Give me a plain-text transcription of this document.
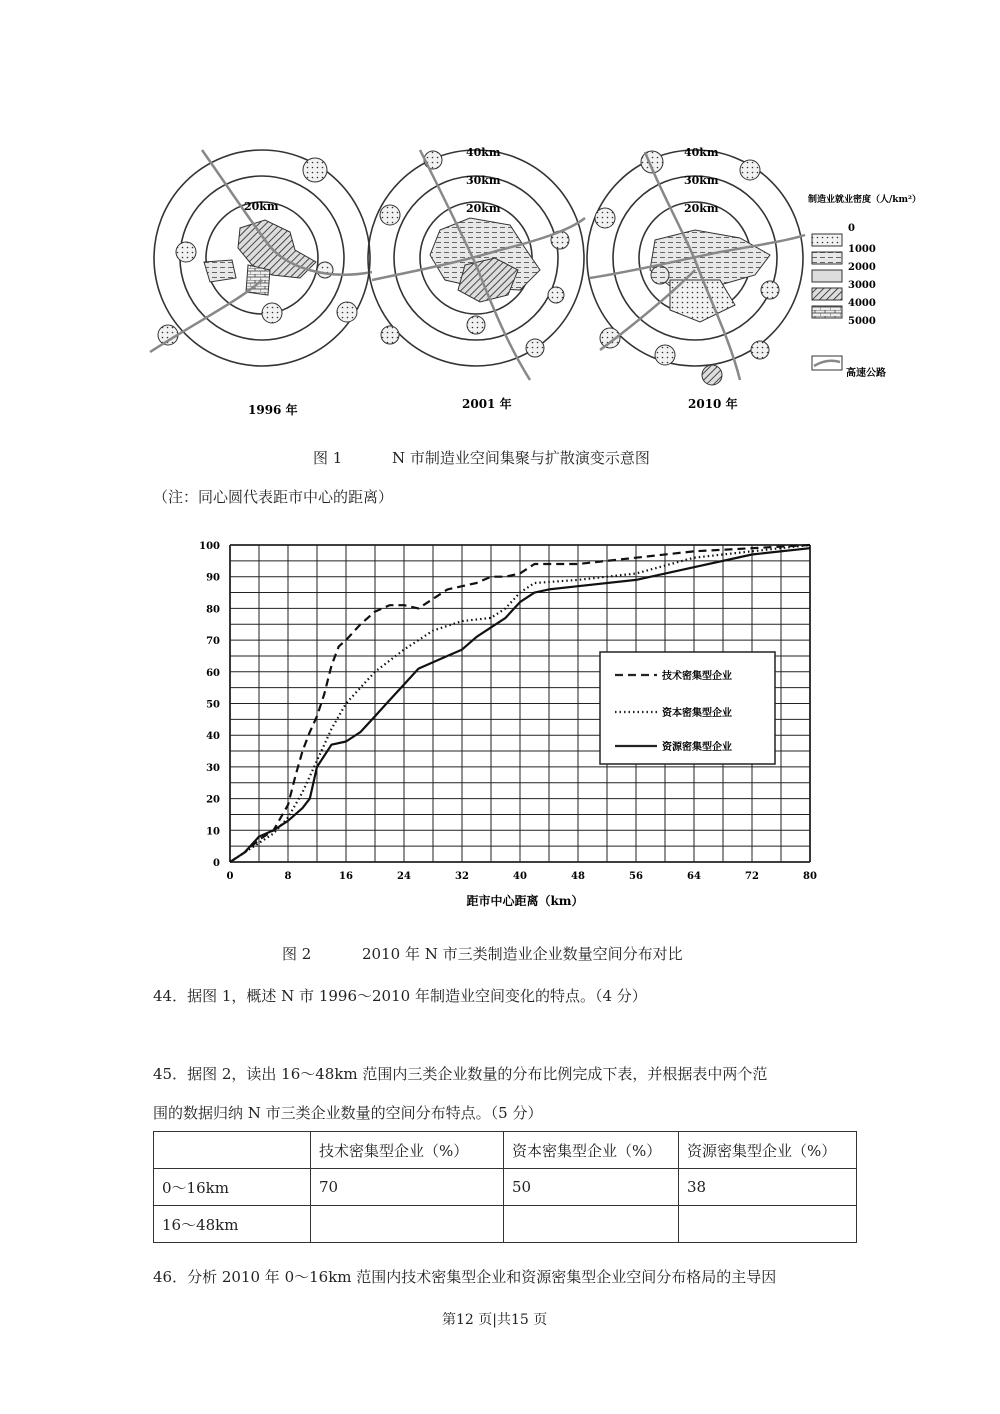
20km
1996 年
40km
30km
20km
2001 年
40km
30km
20km
2010 年
制造业就业密度（人/km²）
0
1000
2000
3000
4000
5000
高速公路
图 1	N 市制造业空间集聚与扩散演变示意图
（注：同心圆代表距市中心的距离）
0	8	16	24	32	40	48	56	64	72	80
0
10
20
30
40
50
60
70
80
90
100
技术密集型企业
资本密集型企业
资源密集型企业
距市中心距离（km）
图 2	2010 年 N 市三类制造业企业数量空间分布对比
44．据图 1，概述 N 市 1996～2010 年制造业空间变化的特点。（4 分）
45．据图 2，读出 16～48km 范围内三类企业数量的分布比例完成下表，并根据表中两个范
围的数据归纳 N 市三类企业数量的空间分布特点。（5 分）
	技术密集型企业（%）	资本密集型企业（%）	资源密集型企业（%）
0～16km	70	50	38
16～48km			
46．分析 2010 年 0～16km 范围内技术密集型企业和资源密集型企业空间分布格局的主导因
第12 页|共15 页
